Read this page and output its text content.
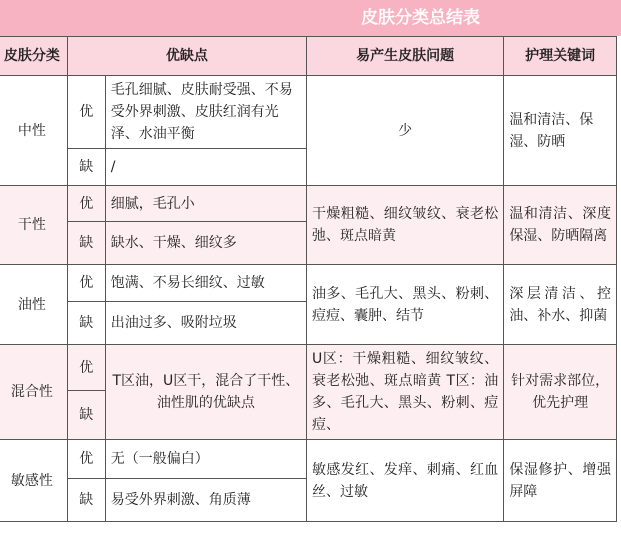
皮肤分类总结表
皮肤分类	优缺点		易产生皮肤问题	护理关键词
中性	优	毛孔细腻、皮肤耐受强、不易受外界刺激、皮肤红润有光泽、水油平衡	少	温和清洁、保湿、防晒
	缺	/		
干性	优	细腻，毛孔小	干燥粗糙、细纹皱纹、衰老松弛、斑点暗黄	温和清洁、深度保湿、防晒隔离
	缺	缺水、干燥、细纹多		
油性	优	饱满、不易长细纹、过敏	油多、毛孔大、黑头、粉刺、痘痘、囊肿、结节	深层清洁、控油、补水、抑菌
	缺	出油过多、吸附垃圾		
混合性	优	T区油，U区干，混合了干性、油性肌的优缺点	U区：干燥粗糙、细纹皱纹、衰老松弛、斑点暗黄 T区：油多、毛孔大、黑头、粉刺、痘痘、	针对需求部位，优先护理
	缺			
敏感性	优	无（一般偏白）	敏感发红、发痒、刺痛、红血丝、过敏	保湿修护、增强屏障
	缺	易受外界刺激、角质薄		
